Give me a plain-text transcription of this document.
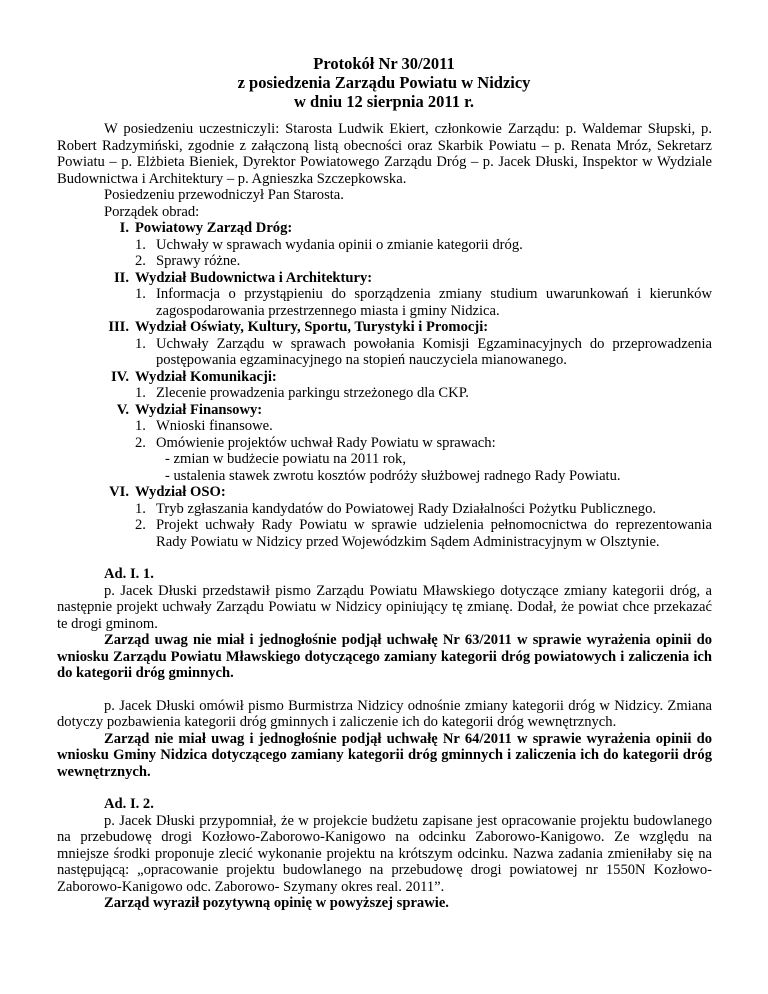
Protokół Nr 30/2011
z posiedzenia Zarządu Powiatu w Nidzicy
w dniu 12 sierpnia 2011 r.

W posiedzeniu uczestniczyli: Starosta Ludwik Ekiert, członkowie Zarządu: p. Waldemar Słupski, p. Robert Radzymiński, zgodnie z załączoną listą obecności oraz Skarbik Powiatu – p. Renata Mróz, Sekretarz Powiatu – p. Elżbieta Bieniek, Dyrektor Powiatowego Zarządu Dróg – p. Jacek Dłuski, Inspektor w Wydziale Budownictwa i Architektury – p. Agnieszka Szczepkowska.

Posiedzeniu przewodniczył Pan Starosta.

Porządek obrad:

I. Powiatowy Zarząd Dróg:
1. Uchwały w sprawach wydania opinii o zmianie kategorii dróg.
2. Sprawy różne.
II. Wydział Budownictwa i Architektury:
1. Informacja o przystąpieniu do sporządzenia zmiany studium uwarunkowań i kierunków zagospodarowania przestrzennego miasta i gminy Nidzica.
III. Wydział Oświaty, Kultury, Sportu, Turystyki i Promocji:
1. Uchwały Zarządu w sprawach powołania Komisji Egzaminacyjnych do przeprowadzenia postępowania egzaminacyjnego na stopień nauczyciela mianowanego.
IV. Wydział Komunikacji:
1. Zlecenie prowadzenia parkingu strzeżonego dla CKP.
V. Wydział Finansowy:
1. Wnioski finansowe.
2. Omówienie projektów uchwał Rady Powiatu w sprawach:
- zmian w budżecie powiatu na 2011 rok,
- ustalenia stawek zwrotu kosztów podróży służbowej radnego Rady Powiatu.
VI. Wydział OSO:
1. Tryb zgłaszania kandydatów do Powiatowej Rady Działalności Pożytku Publicznego.
2. Projekt uchwały Rady Powiatu w sprawie udzielenia pełnomocnictwa do reprezentowania Rady Powiatu w Nidzicy przed Wojewódzkim Sądem Administracyjnym w Olsztynie.

Ad. I. 1.

p. Jacek Dłuski przedstawił pismo Zarządu Powiatu Mławskiego dotyczące zmiany kategorii dróg, a następnie projekt uchwały Zarządu Powiatu w Nidzicy opiniujący tę zmianę. Dodał, że powiat chce przekazać te drogi gminom.

Zarząd uwag nie miał i jednogłośnie podjął uchwałę Nr 63/2011 w sprawie wyrażenia opinii do wniosku Zarządu Powiatu Mławskiego dotyczącego zamiany kategorii dróg powiatowych i zaliczenia ich do kategorii dróg gminnych.

p. Jacek Dłuski omówił pismo Burmistrza Nidzicy odnośnie zmiany kategorii dróg w Nidzicy. Zmiana dotyczy pozbawienia kategorii dróg gminnych i zaliczenie ich do kategorii dróg wewnętrznych.

Zarząd nie miał uwag i jednogłośnie podjął uchwałę Nr 64/2011 w sprawie wyrażenia opinii do wniosku Gminy Nidzica dotyczącego zamiany kategorii dróg gminnych i zaliczenia ich do kategorii dróg wewnętrznych.

Ad. I. 2.

p. Jacek Dłuski przypomniał, że w projekcie budżetu zapisane jest opracowanie projektu budowlanego na przebudowę drogi Kozłowo-Zaborowo-Kanigowo na odcinku Zaborowo-Kanigowo. Ze względu na mniejsze środki proponuje zlecić wykonanie projektu na krótszym odcinku. Nazwa zadania zmieniłaby się na następującą: „opracowanie projektu budowlanego na przebudowę drogi powiatowej nr 1550N Kozłowo-Zaborowo-Kanigowo odc. Zaborowo- Szymany okres real. 2011”.

Zarząd wyraził pozytywną opinię w powyższej sprawie.
